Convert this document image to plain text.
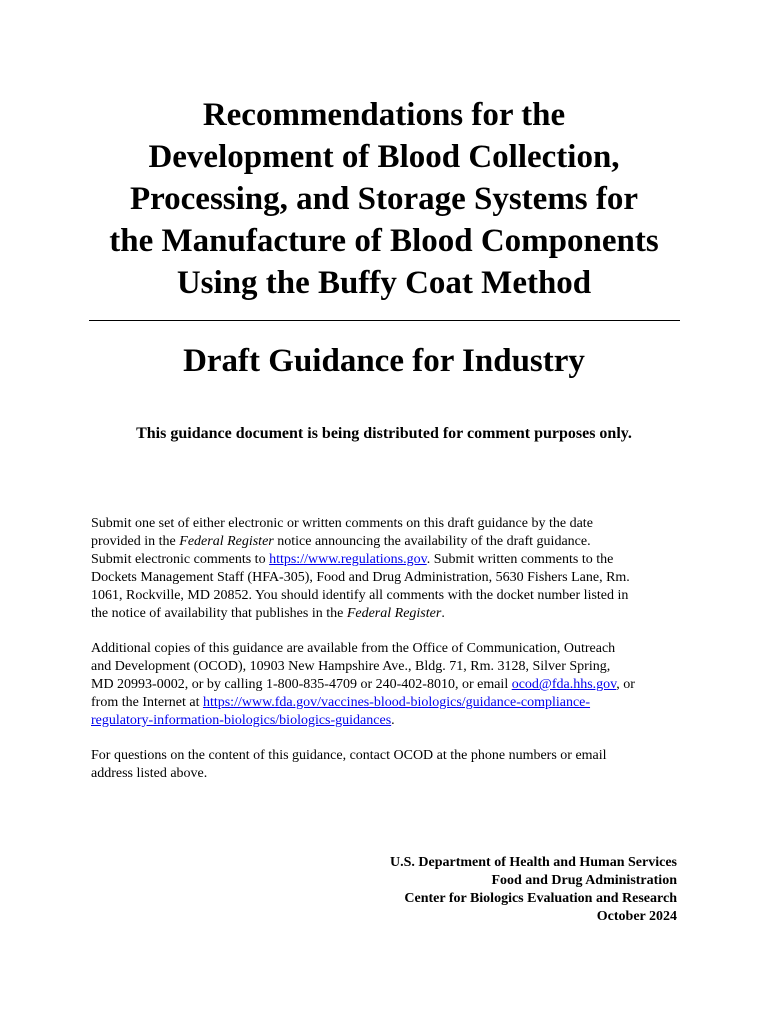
Recommendations for the
Development of Blood Collection,
Processing, and Storage Systems for
the Manufacture of Blood Components
Using the Buffy Coat Method
Draft Guidance for Industry

This guidance document is being distributed for comment purposes only.

Submit one set of either electronic or written comments on this draft guidance by the date
provided in the Federal Register notice announcing the availability of the draft guidance.
Submit electronic comments to https://www.regulations.gov. Submit written comments to the
Dockets Management Staff (HFA-305), Food and Drug Administration, 5630 Fishers Lane, Rm.
1061, Rockville, MD 20852. You should identify all comments with the docket number listed in
the notice of availability that publishes in the Federal Register.

Additional copies of this guidance are available from the Office of Communication, Outreach
and Development (OCOD), 10903 New Hampshire Ave., Bldg. 71, Rm. 3128, Silver Spring,
MD 20993-0002, or by calling 1-800-835-4709 or 240-402-8010, or email ocod@fda.hhs.gov, or
from the Internet at https://www.fda.gov/vaccines-blood-biologics/guidance-compliance-
regulatory-information-biologics/biologics-guidances.

For questions on the content of this guidance, contact OCOD at the phone numbers or email
address listed above.

U.S. Department of Health and Human Services
Food and Drug Administration
Center for Biologics Evaluation and Research
October 2024
